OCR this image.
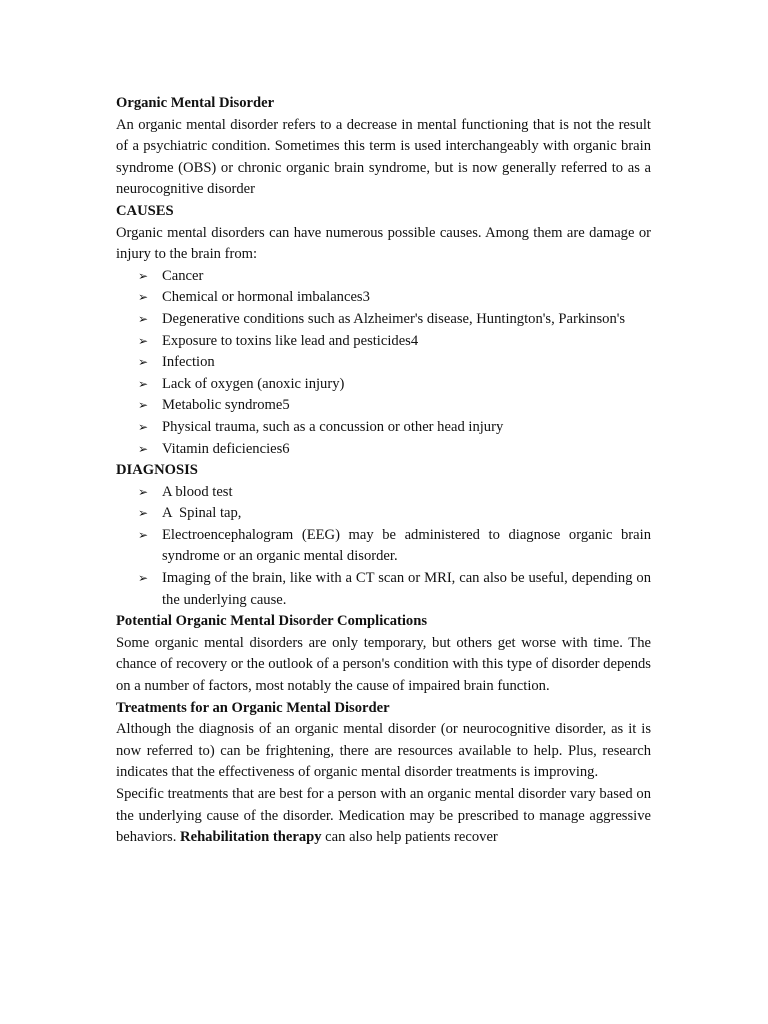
Organic Mental Disorder

An organic mental disorder refers to a decrease in mental functioning that is not the result of a psychiatric condition. Sometimes this term is used interchangeably with organic brain syndrome (OBS) or chronic organic brain syndrome, but is now generally referred to as a neurocognitive disorder

CAUSES

Organic mental disorders can have numerous possible causes. Among them are damage or injury to the brain from:

➢ Cancer
➢ Chemical or hormonal imbalances3
➢ Degenerative conditions such as Alzheimer's disease, Huntington's, Parkinson's
➢ Exposure to toxins like lead and pesticides4
➢ Infection
➢ Lack of oxygen (anoxic injury)
➢ Metabolic syndrome5
➢ Physical trauma, such as a concussion or other head injury
➢ Vitamin deficiencies6

DIAGNOSIS

➢ A blood test
➢ A  Spinal tap,
➢ Electroencephalogram (EEG) may be administered to diagnose organic brain syndrome or an organic mental disorder.
➢ Imaging of the brain, like with a CT scan or MRI, can also be useful, depending on the underlying cause.

Potential Organic Mental Disorder Complications

Some organic mental disorders are only temporary, but others get worse with time. The chance of recovery or the outlook of a person's condition with this type of disorder depends on a number of factors, most notably the cause of impaired brain function.

Treatments for an Organic Mental Disorder

Although the diagnosis of an organic mental disorder (or neurocognitive disorder, as it is now referred to) can be frightening, there are resources available to help. Plus, research indicates that the effectiveness of organic mental disorder treatments is improving.

Specific treatments that are best for a person with an organic mental disorder vary based on the underlying cause of the disorder. Medication may be prescribed to manage aggressive behaviors. Rehabilitation therapy can also help patients recover
